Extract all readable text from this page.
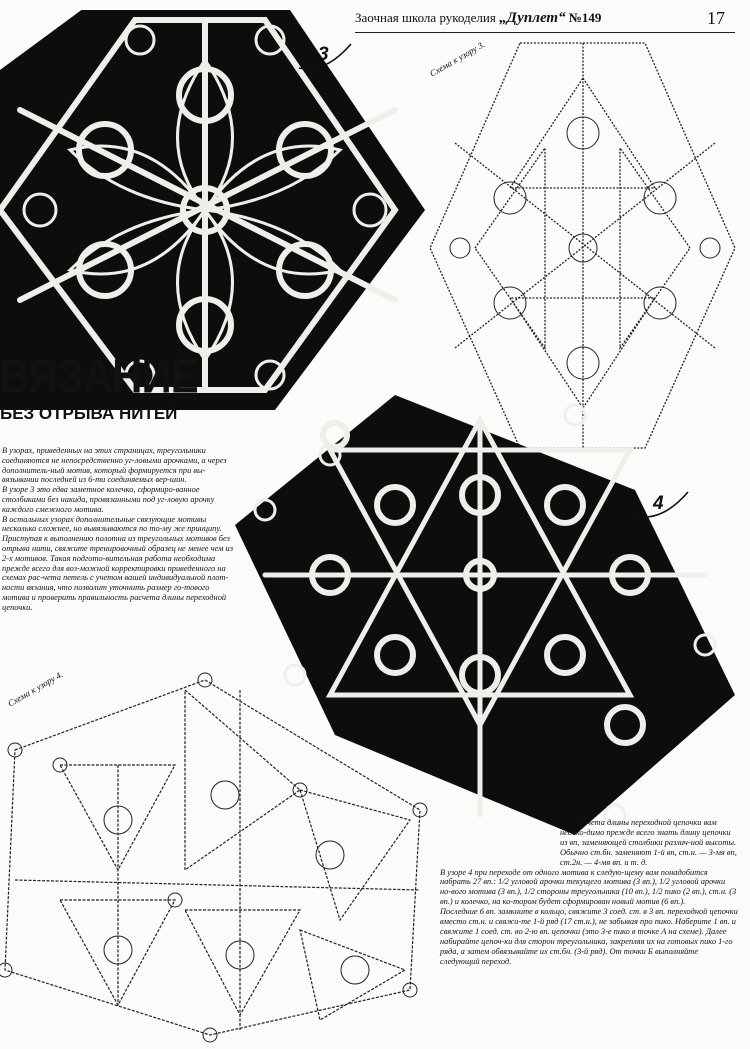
Заочная школа рукоделия „Дуплет“ №149	17
3	Схема к узору 3.
ВЯЗАНИЕ
БЕЗ ОТРЫВА НИТЕЙ

В узорах, приведенных на этих страницах, треугольники соединяются не непосредственно уг-ловыми арочками, а через дополнитель-ный мотив, который формируется при вы-вязывании последней из 6-ти соединяемых вер-шин.

В узоре 3 это едва заметное колечко, сформиро-ванное столбиками без накида, провязанными под уг-ловую арочку каждого смежного мотива.

В остальных узорах дополнительные связующие мотивы несколько сложнее, но вывязываются по то-му же принципу.

Приступая к выполнению полотна из треугольных мотивов без отрыва нити, свяжите тренировочный образец не менее чем из 2-х мотивов. Такая подгото-вительная работа необходима прежде всего для воз-можной корректировки приведенного на схемах рас-чета петель с учетом вашей индивидуальной плот-ности вязания, что позволит уточнить размер го-тового мотива и проверить правильность расчета длины переходной цепочки.

4
Схема к узору 4.

Для расчета длины переходной цепочки вам необхо-димо прежде всего знать длину цепочки из вп, заменяющей столбики различ-ной высоты. Обычно ст.бн. заменяют 1-й вп, ст.н. — 3-мя вп, ст.2н. — 4-мя вп. и т. д.

В узоре 4 при переходе от одного мотива к следую-щему вам понадобится набрать 27 вп.: 1/2 угловой арочки текущего мотива (3 вп.), 1/2 угловой арочки но-вого мотива (3 вп.), 1/2 стороны треугольника (10 вп.), 1/2 пико (2 вп.), ст.н. (3 вп.) и колечко, на ко-тором будет сформирован новый мотив (6 вп.).

Последние 6 вп. замкните в кольцо, свяжите 3 соед. ст. в 3 вп. переходной цепочки вместо ст.н. и свяжи-те 1-й ряд (17 ст.н.), не забывая про пико. Наберите 1 вп. и свяжите 1 соед. ст. во 2-ю вп. цепочки (это 3-е пико в точке А на схеме). Далее набирайте цепоч-ки для сторон треугольника, закрепляя их на готовых пико 1-го ряда, а затем обвязывайте их ст.бн. (3-й ряд). От точки Б выполняйте следующий переход.
